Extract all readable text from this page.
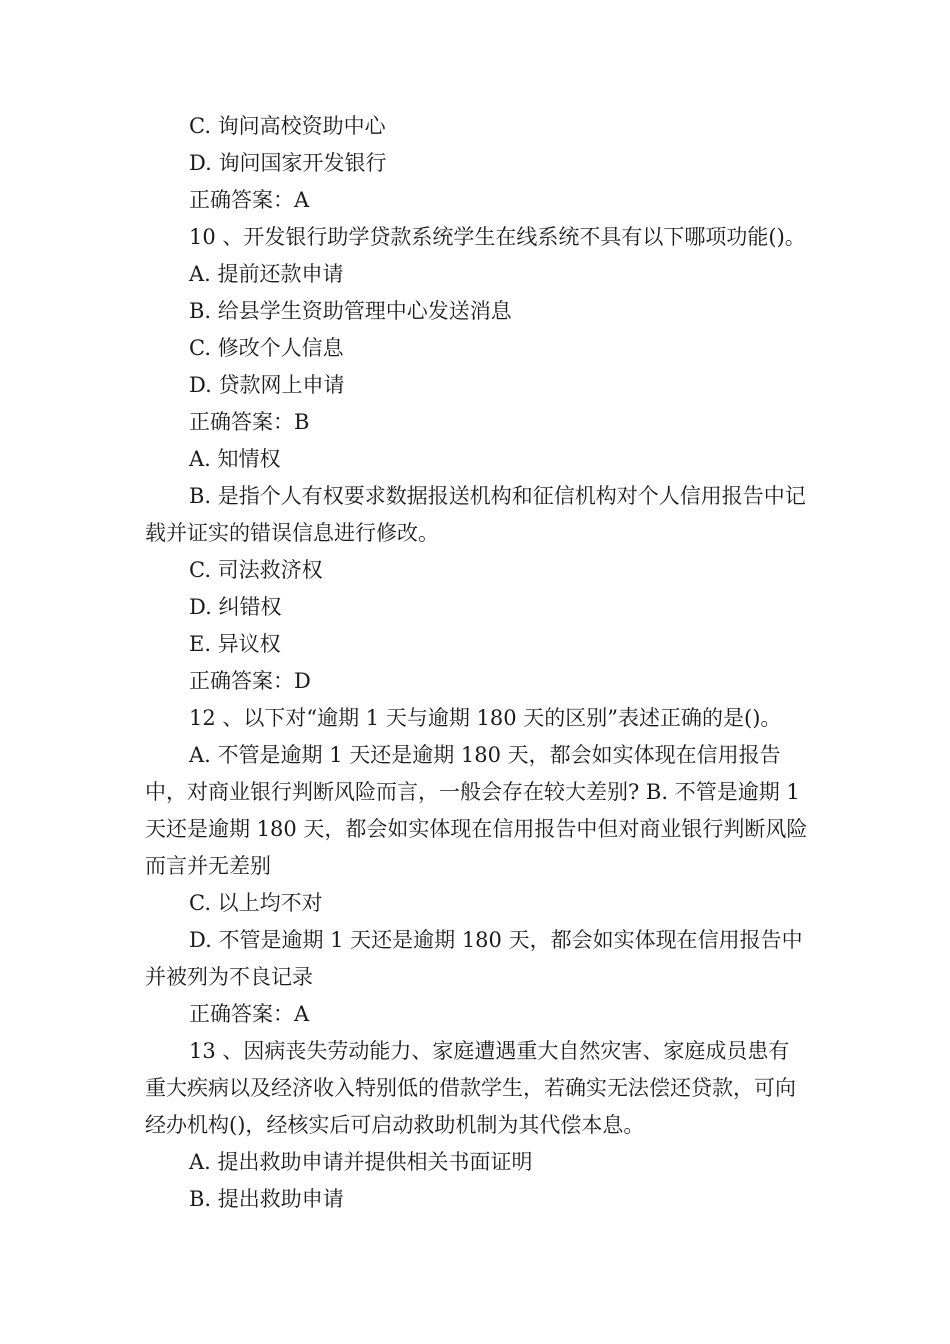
C. 询问高校资助中心

D. 询问国家开发银行

正确答案：A

10 、开发银行助学贷款系统学生在线系统不具有以下哪项功能()。

A. 提前还款申请

B. 给县学生资助管理中心发送消息

C. 修改个人信息

D. 贷款网上申请

正确答案：B

A. 知情权

B. 是指个人有权要求数据报送机构和征信机构对个人信用报告中记载并证实的错误信息进行修改。

C. 司法救济权

D. 纠错权

E. 异议权

正确答案：D

12 、以下对“逾期 1 天与逾期 180 天的区别”表述正确的是()。

A. 不管是逾期 1 天还是逾期 180 天，都会如实体现在信用报告中，对商业银行判断风险而言，一般会存在较大差别? B. 不管是逾期 1 天还是逾期 180 天，都会如实体现在信用报告中但对商业银行判断风险而言并无差别

C. 以上均不对

D. 不管是逾期 1 天还是逾期 180 天，都会如实体现在信用报告中并被列为不良记录

正确答案：A

13 、因病丧失劳动能力、家庭遭遇重大自然灾害、家庭成员患有重大疾病以及经济收入特别低的借款学生，若确实无法偿还贷款，可向经办机构()，经核实后可启动救助机制为其代偿本息。

A. 提出救助申请并提供相关书面证明

B. 提出救助申请
